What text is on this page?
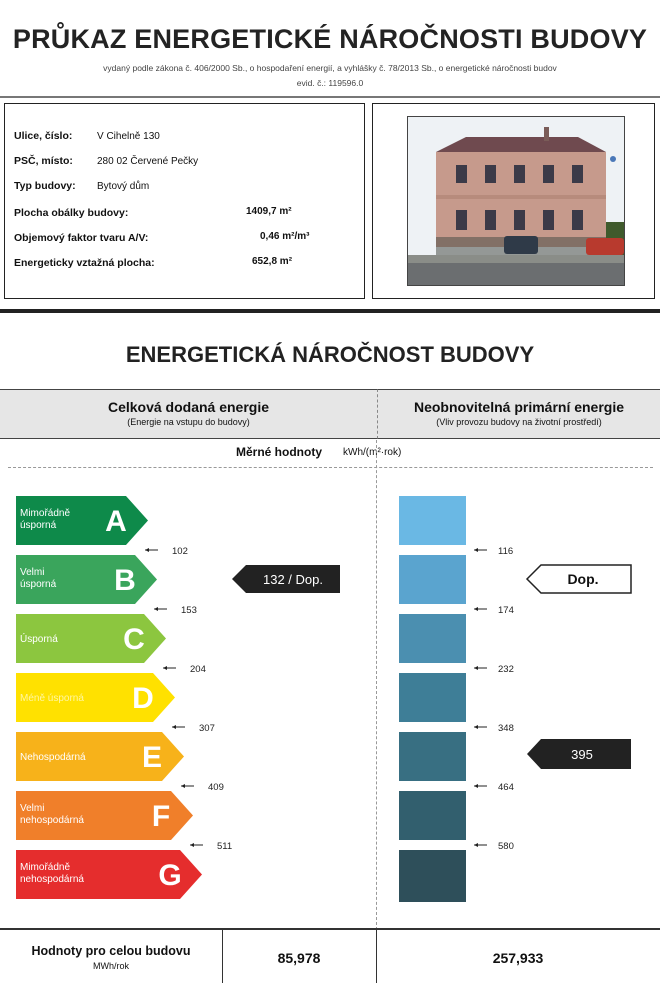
PRŮKAZ ENERGETICKÉ NÁROČNOSTI BUDOVY
vydaný podle zákona č. 406/2000 Sb., o hospodaření energií, a vyhlášky č. 78/2013 Sb., o energetické náročnosti budov
evid. č.: 119596.0
Ulice, číslo: V Cihelně 130
PSČ, místo: 280 02 Červené Pečky
Typ budovy: Bytový dům
Plocha obálky budovy:	1409,7 m²
Objemový faktor tvaru A/V:	0,46 m²/m³
Energeticky vztažná plocha:	652,8 m²
ENERGETICKÁ NÁROČNOST BUDOVY
Celková dodaná energie
(Energie na vstupu do budovy)
Neobnovitelná primární energie
(Vliv provozu budovy na životní prostředí)
Měrné hodnoty kWh/(m²·rok)
Mimořádně
úsporná A
Velmi
úsporná B
Úsporná C
Méně úsporná D
Nehospodárná E
Velmi
nehospodárná F
Mimořádně
nehospodárná G
102
153
204
307
409
511
132 / Dop.
116
174
232
348
464
580
Dop.
395
Hodnoty pro celou budovu
MWh/rok	85,978	257,933
